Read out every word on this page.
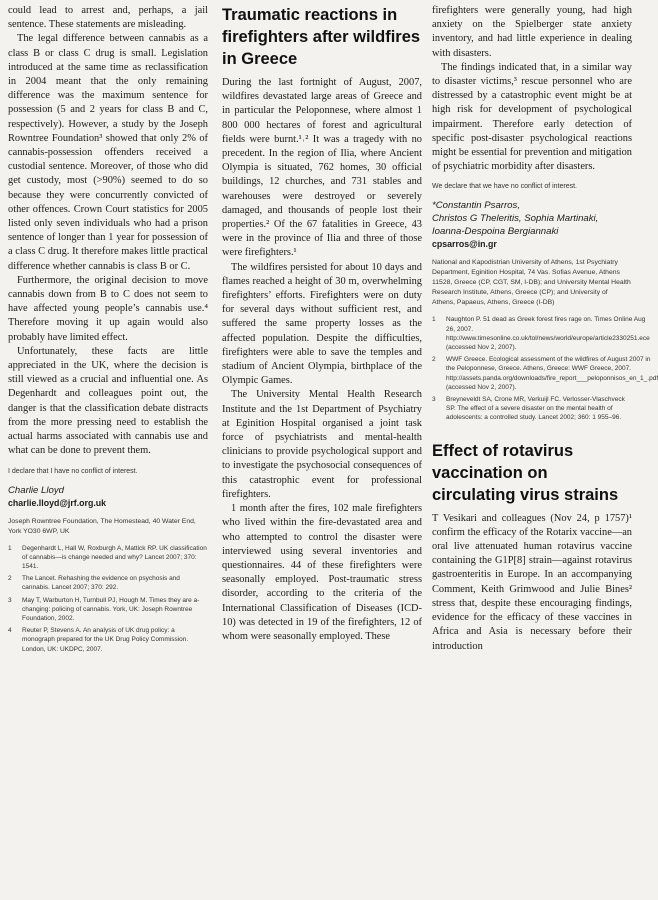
could lead to arrest and, perhaps, a jail sentence. These statements are misleading.

The legal difference between cannabis as a class B or class C drug is small. Legislation introduced at the same time as reclassification in 2004 meant that the only remaining difference was the maximum sentence for possession (5 and 2 years for class B and C, respectively). However, a study by the Joseph Rowntree Foundation³ showed that only 2% of cannabis-possession offenders received a custodial sentence. Moreover, of those who did get custody, most (>90%) seemed to do so because they were concurrently convicted of other offences. Crown Court statistics for 2005 listed only seven individuals who had a prison sentence of longer than 1 year for possession of a class C drug. It therefore makes little practical difference whether cannabis is class B or C.

Furthermore, the original decision to move cannabis down from B to C does not seem to have affected young people’s cannabis use.⁴ Therefore moving it up again would also probably have limited effect.

Unfortunately, these facts are little appreciated in the UK, where the decision is still viewed as a crucial and influential one. As Degenhardt and colleagues point out, the danger is that the classification debate distracts from the more pressing need to establish the actual harms associated with cannabis use and what can be done to prevent them.

I declare that I have no conflict of interest.
Charlie Lloyd
charlie.lloyd@jrf.org.uk
Joseph Rowntree Foundation, The Homestead, 40 Water End, York YO30 6WP, UK
1	Degenhardt L, Hall W, Roxburgh A, Mattick RP. UK classification of cannabis—is change needed and why? Lancet 2007; 370: 1541.
2	The Lancet. Rehashing the evidence on psychosis and cannabis. Lancet 2007; 370: 292.
3	May T, Warburton H, Turnbull PJ, Hough M. Times they are a-changing: policing of cannabis. York, UK: Joseph Rowntree Foundation, 2002.
4	Reuter P, Stevens A. An analysis of UK drug policy: a monograph prepared for the UK Drug Policy Commission. London, UK: UKDPC, 2007.
Traumatic reactions in firefighters after wildfires in Greece

During the last fortnight of August, 2007, wildfires devastated large areas of Greece and in particular the Peloponnese, where almost 1 800 000 hectares of forest and agricultural fields were burnt.¹˒² It was a tragedy with no precedent. In the region of Ilia, where Ancient Olympia is situated, 762 homes, 30 official buildings, 12 churches, and 731 stables and warehouses were destroyed or severely damaged, and thousands of people lost their properties.² Of the 67 fatalities in Greece, 43 were in the province of Ilia and three of those were firefighters.¹

The wildfires persisted for about 10 days and flames reached a height of 30 m, overwhelming firefighters’ efforts. Firefighters were on duty for several days without sufficient rest, and suffered the same property losses as the affected population. Despite the difficulties, firefighters were able to save the temples and stadium of Ancient Olympia, birthplace of the Olympic Games.

The University Mental Health Research Institute and the 1st Department of Psychiatry at Eginition Hospital organised a joint task force of psychiatrists and mental-health clinicians to provide psychological support and to investigate the psychosocial consequences of this catastrophic event for professional firefighters.

1 month after the fires, 102 male firefighters who lived within the fire-devastated area and who attempted to control the disaster were interviewed using several inventories and questionnaires. 44 of these firefighters were seasonally employed. Post-traumatic stress disorder, according to the criteria of the International Classification of Diseases (ICD-10) was detected in 19 of the firefighters, 12 of whom were seasonally employed. These

firefighters were generally young, had high anxiety on the Spielberger state anxiety inventory, and had little experience in dealing with disasters.

The findings indicated that, in a similar way to disaster victims,³ rescue personnel who are distressed by a catastrophic event might be at high risk for development of psychological impairment. Therefore early detection of specific post-disaster psychological reactions might be essential for prevention and mitigation of psychiatric morbidity after disasters.

We declare that we have no conflict of interest.
*Constantin Psarros,
Christos G Theleritis, Sophia Martinaki,
Ioanna-Despoina Bergiannaki
cpsarros@in.gr
National and Kapodistrian University of Athens, 1st Psychiatry Department, Eginition Hospital, 74 Vas. Sofias Avenue, Athens 11528, Greece (CP, CGT, SM, I-DB); and University Mental Health Research Institute, Athens, Greece (CP); and University of Athens, Papaeus, Athens, Greece (I-DB)
1	Naughton P. 51 dead as Greek forest fires rage on. Times Online Aug 26, 2007. http://www.timesonline.co.uk/tol/news/world/europe/article2330251.ece (accessed Nov 2, 2007).
2	WWF Greece. Ecological assessment of the wildfires of August 2007 in the Peloponnese, Greece. Athens, Greece: WWF Greece, 2007. http://assets.panda.org/downloads/fire_report___peloponnisos_en_1_.pdf (accessed Nov 2, 2007).
3	Breyneveldt SA, Crone MR, Verkuijl FC. Verlosser-Vlaschveck SP. The effect of a severe disaster on the mental health of adolescents: a controlled study. Lancet 2002; 360: 1 955–96.
Effect of rotavirus vaccination on circulating virus strains

T Vesikari and colleagues (Nov 24, p 1757)¹ confirm the efficacy of the Rotarix vaccine—an oral live attenuated human rotavirus vaccine containing the G1P[8] strain—against rotavirus gastroenteritis in Europe. In an accompanying Comment, Keith Grimwood and Julie Bines² stress that, despite these encouraging findings, evidence for the efficacy of these vaccines in Africa and Asia is necessary before their introduction
